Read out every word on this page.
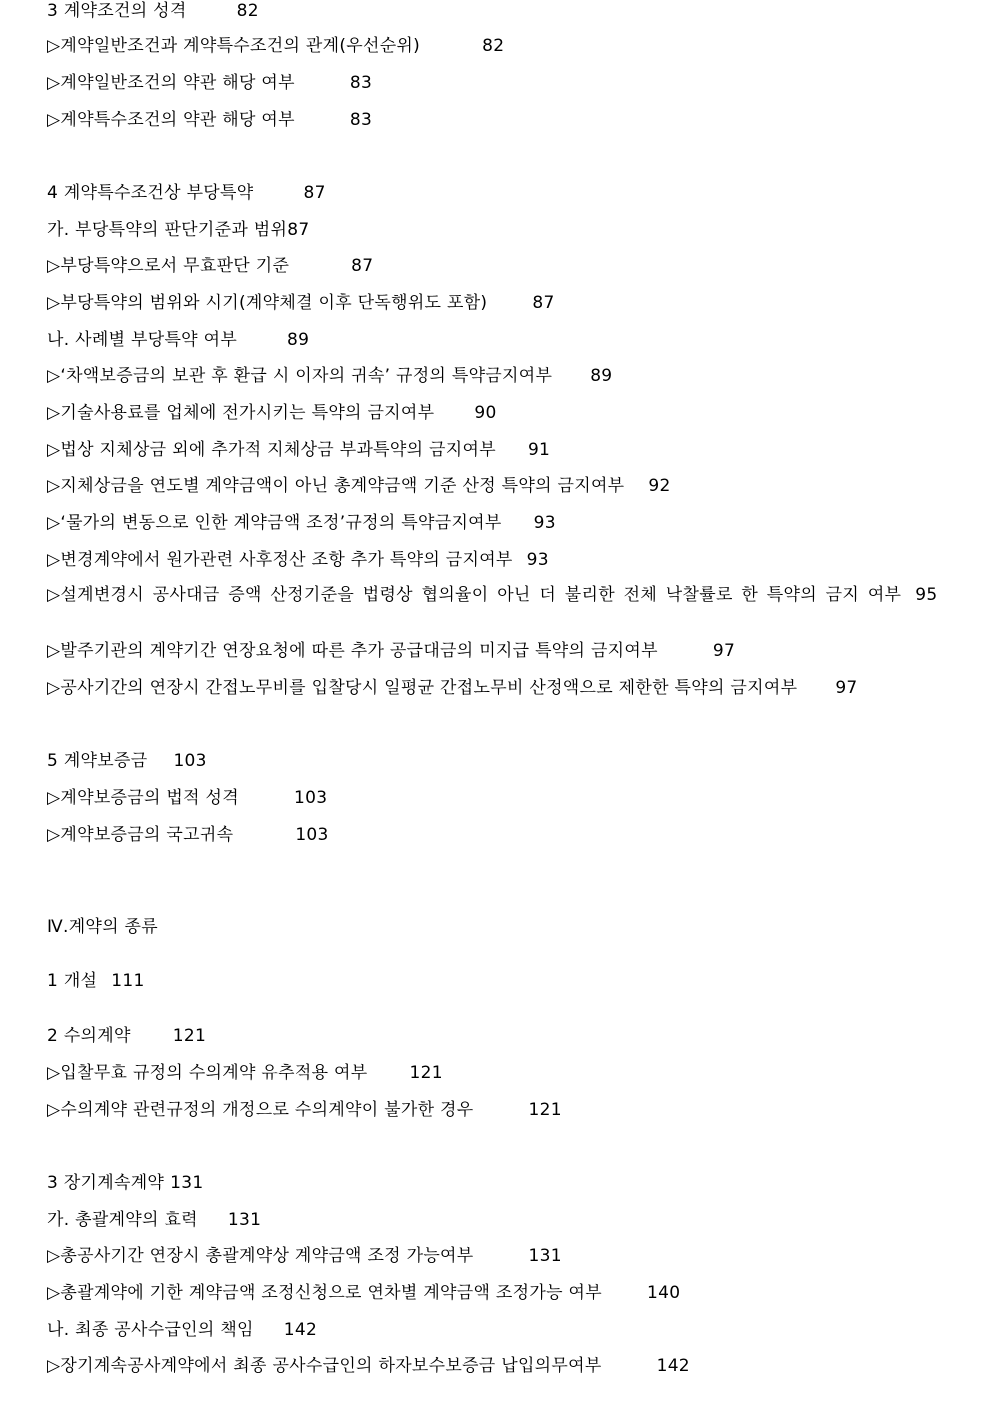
3 계약조건의 성격	82
▷계약일반조건과 계약특수조건의 관계(우선순위)	82
▷계약일반조건의 약관 해당 여부	83
▷계약특수조건의 약관 해당 여부	83
4 계약특수조건상 부당특약	87
가. 부당특약의 판단기준과 범위87
▷부당특약으로서 무효판단 기준	87
▷부당특약의 범위와 시기(계약체결 이후 단독행위도 포함)	87
나. 사례별 부당특약 여부	89
▷‘차액보증금의 보관 후 환급 시 이자의 귀속’ 규정의 특약금지여부 89
▷기술사용료를 업체에 전가시키는 특약의 금지여부 90
▷법상 지체상금 외에 추가적 지체상금 부과특약의 금지여부 91
▷지체상금을 연도별 계약금액이 아닌 총계약금액 기준 산정 특약의 금지여부 92
▷‘물가의 변동으로 인한 계약금액 조정’규정의 특약금지여부 93
▷변경계약에서 원가관련 사후정산 조항 추가 특약의 금지여부 93
▷설계변경시 공사대금 증액 산정기준을 법령상 협의율이 아닌 더 불리한 전체 낙찰률로 한 특약의 금지 여부 95
▷발주기관의 계약기간 연장요청에 따른 추가 공급대금의 미지급 특약의 금지여부	97
▷공사기간의 연장시 간접노무비를 입찰당시 일평균 간접노무비 산정액으로 제한한 특약의 금지여부 97
5 계약보증금 103
▷계약보증금의 법적 성격	103
▷계약보증금의 국고귀속	103
Ⅳ.계약의 종류
1 개설 111
2 수의계약 121
▷입찰무효 규정의 수의계약 유추적용 여부 121
▷수의계약 관련규정의 개정으로 수의계약이 불가한 경우	121
3 장기계속계약 131
가. 총괄계약의 효력 131
▷총공사기간 연장시 총괄계약상 계약금액 조정 가능여부	131
▷총괄계약에 기한 계약금액 조정신청으로 연차별 계약금액 조정가능 여부	140
나. 최종 공사수급인의 책임 142
▷장기계속공사계약에서 최종 공사수급인의 하자보수보증금 납입의무여부	142
